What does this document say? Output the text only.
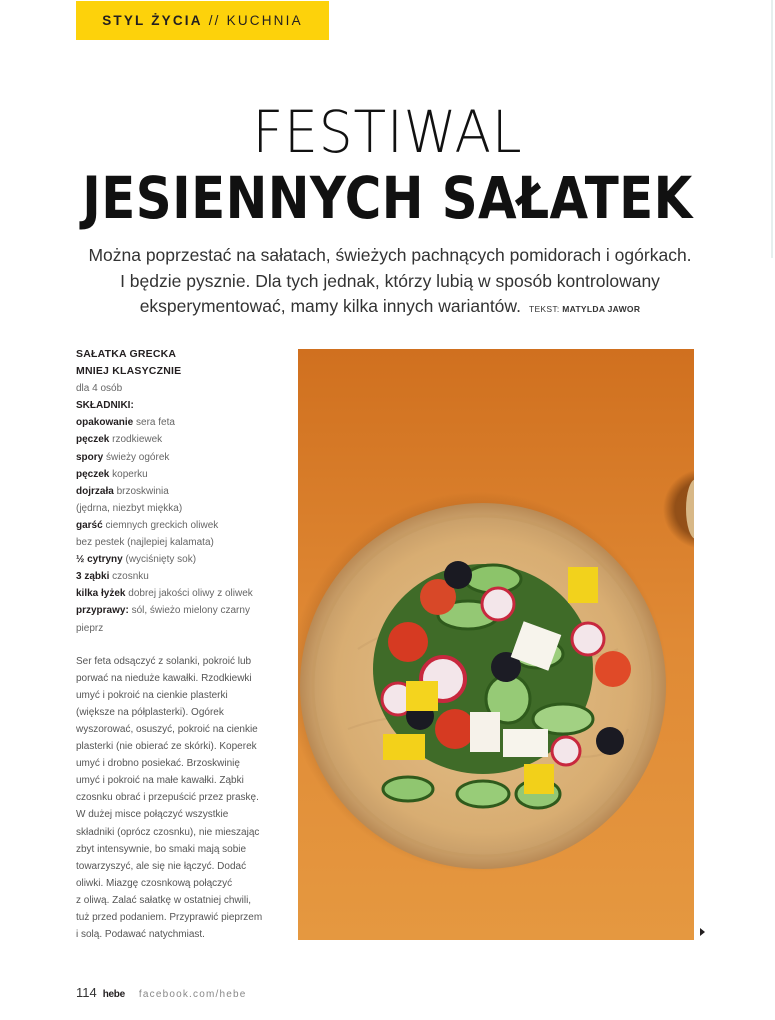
STYL ŻYCIA // KUCHNIA
FESTIWAL
JESIENNYCH SAŁATEK
Można poprzestać na sałatach, świeżych pachnących pomidorach i ogórkach.
I będzie pysznie. Dla tych jednak, którzy lubią w sposób kontrolowany
eksperymentować, mamy kilka innych wariantów. TEKST: MATYLDA JAWOR
SAŁATKA GRECKA
MNIEJ KLASYCZNIE
dla 4 osób
SKŁADNIKI:
opakowanie sera feta
pęczek rzodkiewek
spory świeży ogórek
pęczek koperku
dojrzała brzoskwinia
(jędrna, niezbyt miękka)
garść ciemnych greckich oliwek
bez pestek (najlepiej kalamata)
½ cytryny (wyciśnięty sok)
3 ząbki czosnku
kilka łyżek dobrej jakości oliwy z oliwek
przyprawy: sól, świeżo mielony czarny
pieprz
Ser feta odsączyć z solanki, pokroić lub
porwać na nieduże kawałki. Rzodkiewki
umyć i pokroić na cienkie plasterki
(większe na półplasterki). Ogórek
wyszorować, osuszyć, pokroić na cienkie
plasterki (nie obierać ze skórki). Koperek
umyć i drobno posiekać. Brzoskwinię
umyć i pokroić na małe kawałki. Ząbki
czosnku obrać i przepuścić przez praskę.
W dużej misce połączyć wszystkie
składniki (oprócz czosnku), nie mieszając
zbyt intensywnie, bo smaki mają sobie
towarzyszyć, ale się nie łączyć. Dodać
oliwki. Miazgę czosnkową połączyć
z oliwą. Zalać sałatkę w ostatniej chwili,
tuż przed podaniem. Przyprawić pieprzem
i solą. Podawać natychmiast.
114 hebe facebook.com/hebe
